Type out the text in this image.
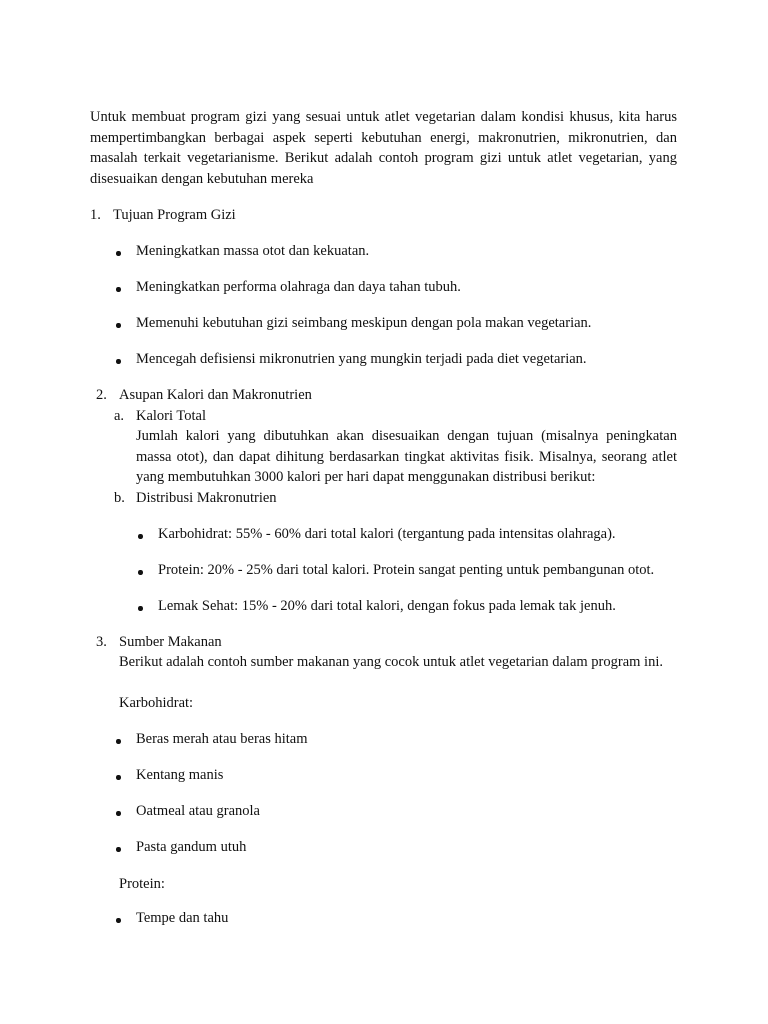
Untuk membuat program gizi yang sesuai untuk atlet vegetarian dalam kondisi khusus, kita harus mempertimbangkan berbagai aspek seperti kebutuhan energi, makronutrien, mikronutrien, dan masalah terkait vegetarianisme. Berikut adalah contoh program gizi untuk atlet vegetarian, yang disesuaikan dengan kebutuhan mereka

1. Tujuan Program Gizi
Meningkatkan massa otot dan kekuatan.
Meningkatkan performa olahraga dan daya tahan tubuh.
Memenuhi kebutuhan gizi seimbang meskipun dengan pola makan vegetarian.
Mencegah defisiensi mikronutrien yang mungkin terjadi pada diet vegetarian.
2. Asupan Kalori dan Makronutrien
a. Kalori Total

Jumlah kalori yang dibutuhkan akan disesuaikan dengan tujuan (misalnya peningkatan massa otot), dan dapat dihitung berdasarkan tingkat aktivitas fisik. Misalnya, seorang atlet yang membutuhkan 3000 kalori per hari dapat menggunakan distribusi berikut:

b. Distribusi Makronutrien
Karbohidrat: 55% - 60% dari total kalori (tergantung pada intensitas olahraga).
Protein: 20% - 25% dari total kalori. Protein sangat penting untuk pembangunan otot.
Lemak Sehat: 15% - 20% dari total kalori, dengan fokus pada lemak tak jenuh.
3. Sumber Makanan

Berikut adalah contoh sumber makanan yang cocok untuk atlet vegetarian dalam program ini.

Karbohidrat:
Beras merah atau beras hitam
Kentang manis
Oatmeal atau granola
Pasta gandum utuh
Protein:
Tempe dan tahu
